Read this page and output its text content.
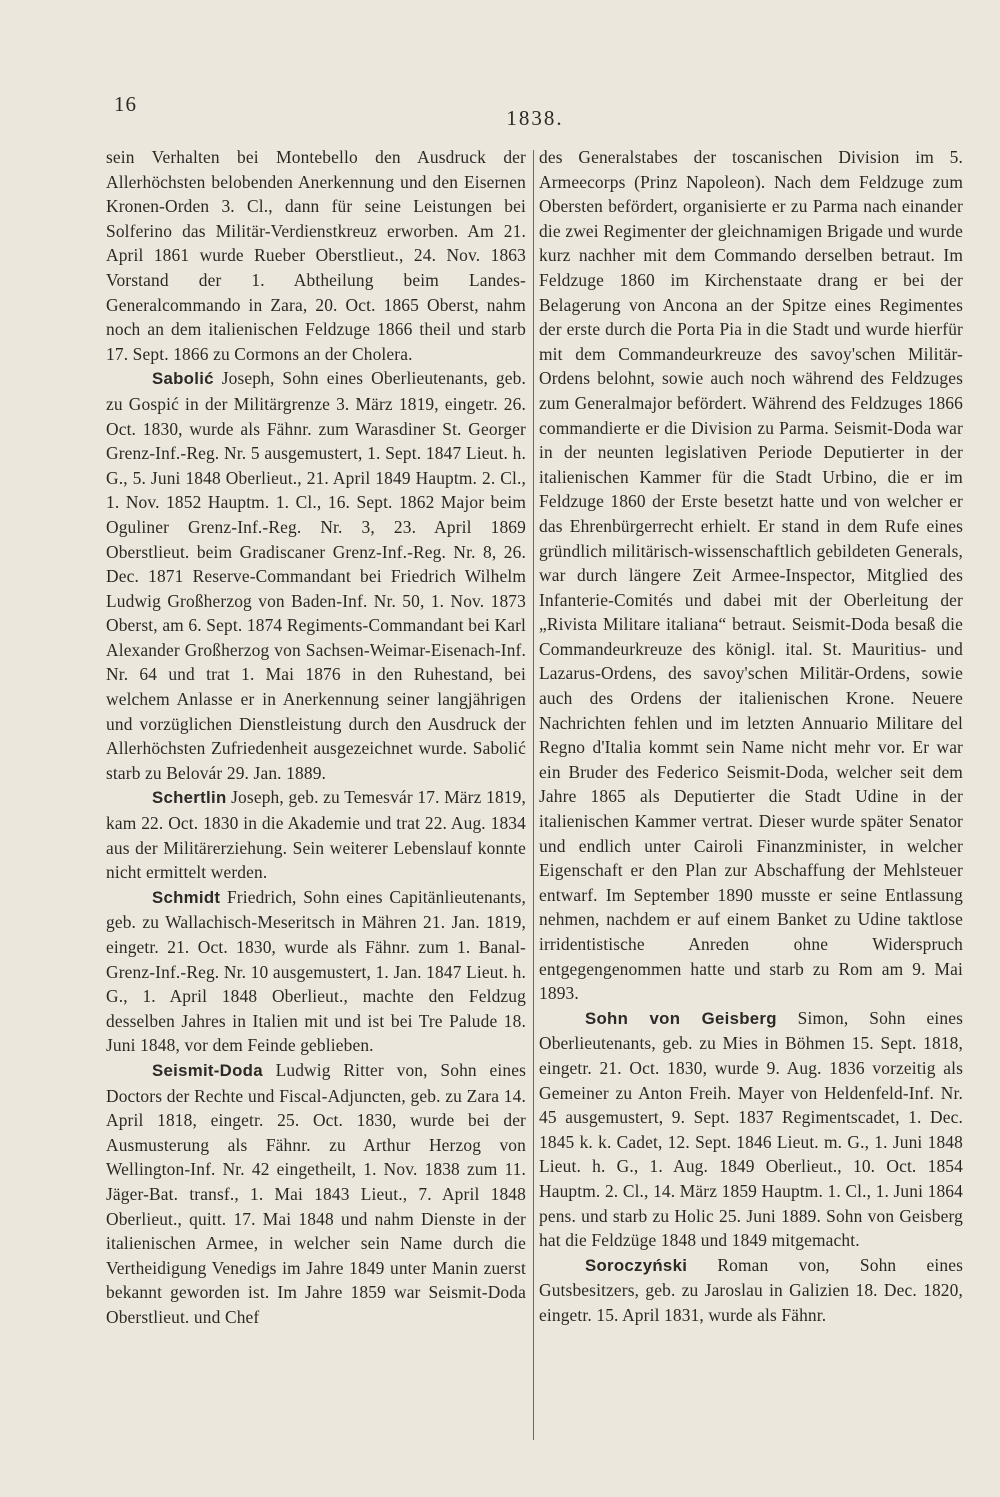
16
1838.

sein Verhalten bei Montebello den Ausdruck der Allerhöchsten belobenden Anerkennung und den Eisernen Kronen-Orden 3. Cl., dann für seine Leistungen bei Solferino das Militär-Verdienstkreuz erworben. Am 21. April 1861 wurde Rueber Oberstlieut., 24. Nov. 1863 Vorstand der 1. Abtheilung beim Landes-Generalcommando in Zara, 20. Oct. 1865 Oberst, nahm noch an dem italienischen Feldzuge 1866 theil und starb 17. Sept. 1866 zu Cormons an der Cholera.

Sabolić Joseph, Sohn eines Oberlieutenants, geb. zu Gospić in der Militärgrenze 3. März 1819, eingetr. 26. Oct. 1830, wurde als Fähnr. zum Warasdiner St. Georger Grenz-Inf.-Reg. Nr. 5 ausgemustert, 1. Sept. 1847 Lieut. h. G., 5. Juni 1848 Oberlieut., 21. April 1849 Hauptm. 2. Cl., 1. Nov. 1852 Hauptm. 1. Cl., 16. Sept. 1862 Major beim Oguliner Grenz-Inf.-Reg. Nr. 3, 23. April 1869 Oberstlieut. beim Gradiscaner Grenz-Inf.-Reg. Nr. 8, 26. Dec. 1871 Reserve-Commandant bei Friedrich Wilhelm Ludwig Großherzog von Baden-Inf. Nr. 50, 1. Nov. 1873 Oberst, am 6. Sept. 1874 Regiments-Commandant bei Karl Alexander Großherzog von Sachsen-Weimar-Eisenach-Inf. Nr. 64 und trat 1. Mai 1876 in den Ruhestand, bei welchem Anlasse er in Anerkennung seiner langjährigen und vorzüglichen Dienstleistung durch den Ausdruck der Allerhöchsten Zufriedenheit ausgezeichnet wurde. Sabolić starb zu Belovár 29. Jan. 1889.

Schertlin Joseph, geb. zu Temesvár 17. März 1819, kam 22. Oct. 1830 in die Akademie und trat 22. Aug. 1834 aus der Militärerziehung. Sein weiterer Lebenslauf konnte nicht ermittelt werden.

Schmidt Friedrich, Sohn eines Capitänlieutenants, geb. zu Wallachisch-Meseritsch in Mähren 21. Jan. 1819, eingetr. 21. Oct. 1830, wurde als Fähnr. zum 1. Banal-Grenz-Inf.-Reg. Nr. 10 ausgemustert, 1. Jan. 1847 Lieut. h. G., 1. April 1848 Oberlieut., machte den Feldzug desselben Jahres in Italien mit und ist bei Tre Palude 18. Juni 1848, vor dem Feinde geblieben.

Seismit-Doda Ludwig Ritter von, Sohn eines Doctors der Rechte und Fiscal-Adjuncten, geb. zu Zara 14. April 1818, eingetr. 25. Oct. 1830, wurde bei der Ausmusterung als Fähnr. zu Arthur Herzog von Wellington-Inf. Nr. 42 eingetheilt, 1. Nov. 1838 zum 11. Jäger-Bat. transf., 1. Mai 1843 Lieut., 7. April 1848 Oberlieut., quitt. 17. Mai 1848 und nahm Dienste in der italienischen Armee, in welcher sein Name durch die Vertheidigung Venedigs im Jahre 1849 unter Manin zuerst bekannt geworden ist. Im Jahre 1859 war Seismit-Doda Oberstlieut. und Chef

des Generalstabes der toscanischen Division im 5. Armeecorps (Prinz Napoleon). Nach dem Feldzuge zum Obersten befördert, organisierte er zu Parma nach einander die zwei Regimenter der gleichnamigen Brigade und wurde kurz nachher mit dem Commando derselben betraut. Im Feldzuge 1860 im Kirchenstaate drang er bei der Belagerung von Ancona an der Spitze eines Regimentes der erste durch die Porta Pia in die Stadt und wurde hierfür mit dem Commandeurkreuze des savoy'schen Militär-Ordens belohnt, sowie auch noch während des Feldzuges zum Generalmajor befördert. Während des Feldzuges 1866 commandierte er die Division zu Parma. Seismit-Doda war in der neunten legislativen Periode Deputierter in der italienischen Kammer für die Stadt Urbino, die er im Feldzuge 1860 der Erste besetzt hatte und von welcher er das Ehrenbürgerrecht erhielt. Er stand in dem Rufe eines gründlich militärisch-wissenschaftlich gebildeten Generals, war durch längere Zeit Armee-Inspector, Mitglied des Infanterie-Comités und dabei mit der Oberleitung der „Rivista Militare italiana“ betraut. Seismit-Doda besaß die Commandeurkreuze des königl. ital. St. Mauritius- und Lazarus-Ordens, des savoy'schen Militär-Ordens, sowie auch des Ordens der italienischen Krone. Neuere Nachrichten fehlen und im letzten Annuario Militare del Regno d'Italia kommt sein Name nicht mehr vor. Er war ein Bruder des Federico Seismit-Doda, welcher seit dem Jahre 1865 als Deputierter die Stadt Udine in der italienischen Kammer vertrat. Dieser wurde später Senator und endlich unter Cairoli Finanzminister, in welcher Eigenschaft er den Plan zur Abschaffung der Mehlsteuer entwarf. Im September 1890 musste er seine Entlassung nehmen, nachdem er auf einem Banket zu Udine taktlose irridentistische Anreden ohne Widerspruch entgegengenommen hatte und starb zu Rom am 9. Mai 1893.

Sohn von Geisberg Simon, Sohn eines Oberlieutenants, geb. zu Mies in Böhmen 15. Sept. 1818, eingetr. 21. Oct. 1830, wurde 9. Aug. 1836 vorzeitig als Gemeiner zu Anton Freih. Mayer von Heldenfeld-Inf. Nr. 45 ausgemustert, 9. Sept. 1837 Regimentscadet, 1. Dec. 1845 k. k. Cadet, 12. Sept. 1846 Lieut. m. G., 1. Juni 1848 Lieut. h. G., 1. Aug. 1849 Oberlieut., 10. Oct. 1854 Hauptm. 2. Cl., 14. März 1859 Hauptm. 1. Cl., 1. Juni 1864 pens. und starb zu Holic 25. Juni 1889. Sohn von Geisberg hat die Feldzüge 1848 und 1849 mitgemacht.

Soroczyński Roman von, Sohn eines Gutsbesitzers, geb. zu Jaroslau in Galizien 18. Dec. 1820, eingetr. 15. April 1831, wurde als Fähnr.
